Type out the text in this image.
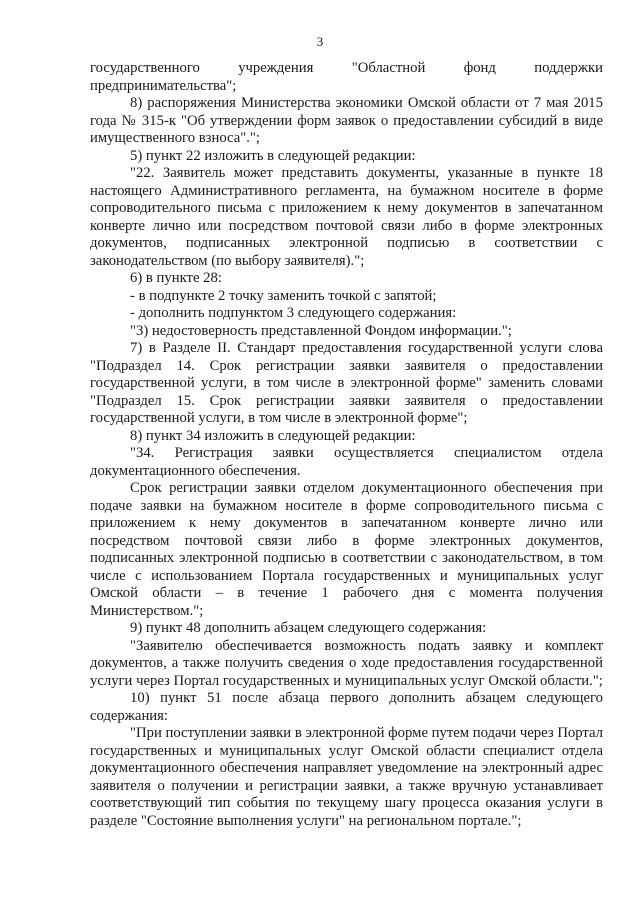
3

государственного учреждения "Областной фонд поддержки предпринимательства";

8) распоряжения Министерства экономики Омской области от 7 мая 2015 года № 315-к "Об утверждении форм заявок о предоставлении субсидий в виде имущественного взноса".";

5) пункт 22 изложить в следующей редакции:

"22. Заявитель может представить документы, указанные в пункте 18 настоящего Административного регламента, на бумажном носителе в форме сопроводительного письма с приложением к нему документов в запечатанном конверте лично или посредством почтовой связи либо в форме электронных документов, подписанных электронной подписью в соответствии с законодательством (по выбору заявителя).";

6) в пункте 28:

- в подпункте 2 точку заменить точкой с запятой;

- дополнить подпунктом 3 следующего содержания:

"3) недостоверность представленной Фондом информации.";

7) в Разделе II. Стандарт предоставления государственной услуги слова "Подраздел 14. Срок регистрации заявки заявителя о предоставлении государственной услуги, в том числе в электронной форме" заменить словами "Подраздел 15. Срок регистрации заявки заявителя о предоставлении государственной услуги, в том числе в электронной форме";

8) пункт 34 изложить в следующей редакции:

"34. Регистрация заявки осуществляется специалистом отдела документационного обеспечения.

Срок регистрации заявки отделом документационного обеспечения при подаче заявки на бумажном носителе в форме сопроводительного письма с приложением к нему документов в запечатанном конверте лично или посредством почтовой связи либо в форме электронных документов, подписанных электронной подписью в соответствии с законодательством, в том числе с использованием Портала государственных и муниципальных услуг Омской области – в течение 1 рабочего дня с момента получения Министерством.";

9) пункт 48 дополнить абзацем следующего содержания:

"Заявителю обеспечивается возможность подать заявку и комплект документов, а также получить сведения о ходе предоставления государственной услуги через Портал государственных и муниципальных услуг Омской области.";

10) пункт 51 после абзаца первого дополнить абзацем следующего содержания:

"При поступлении заявки в электронной форме путем подачи через Портал государственных и муниципальных услуг Омской области специалист отдела документационного обеспечения направляет уведомление на электронный адрес заявителя о получении и регистрации заявки, а также вручную устанавливает соответствующий тип события по текущему шагу процесса оказания услуги в разделе "Состояние выполнения услуги" на региональном портале.";
